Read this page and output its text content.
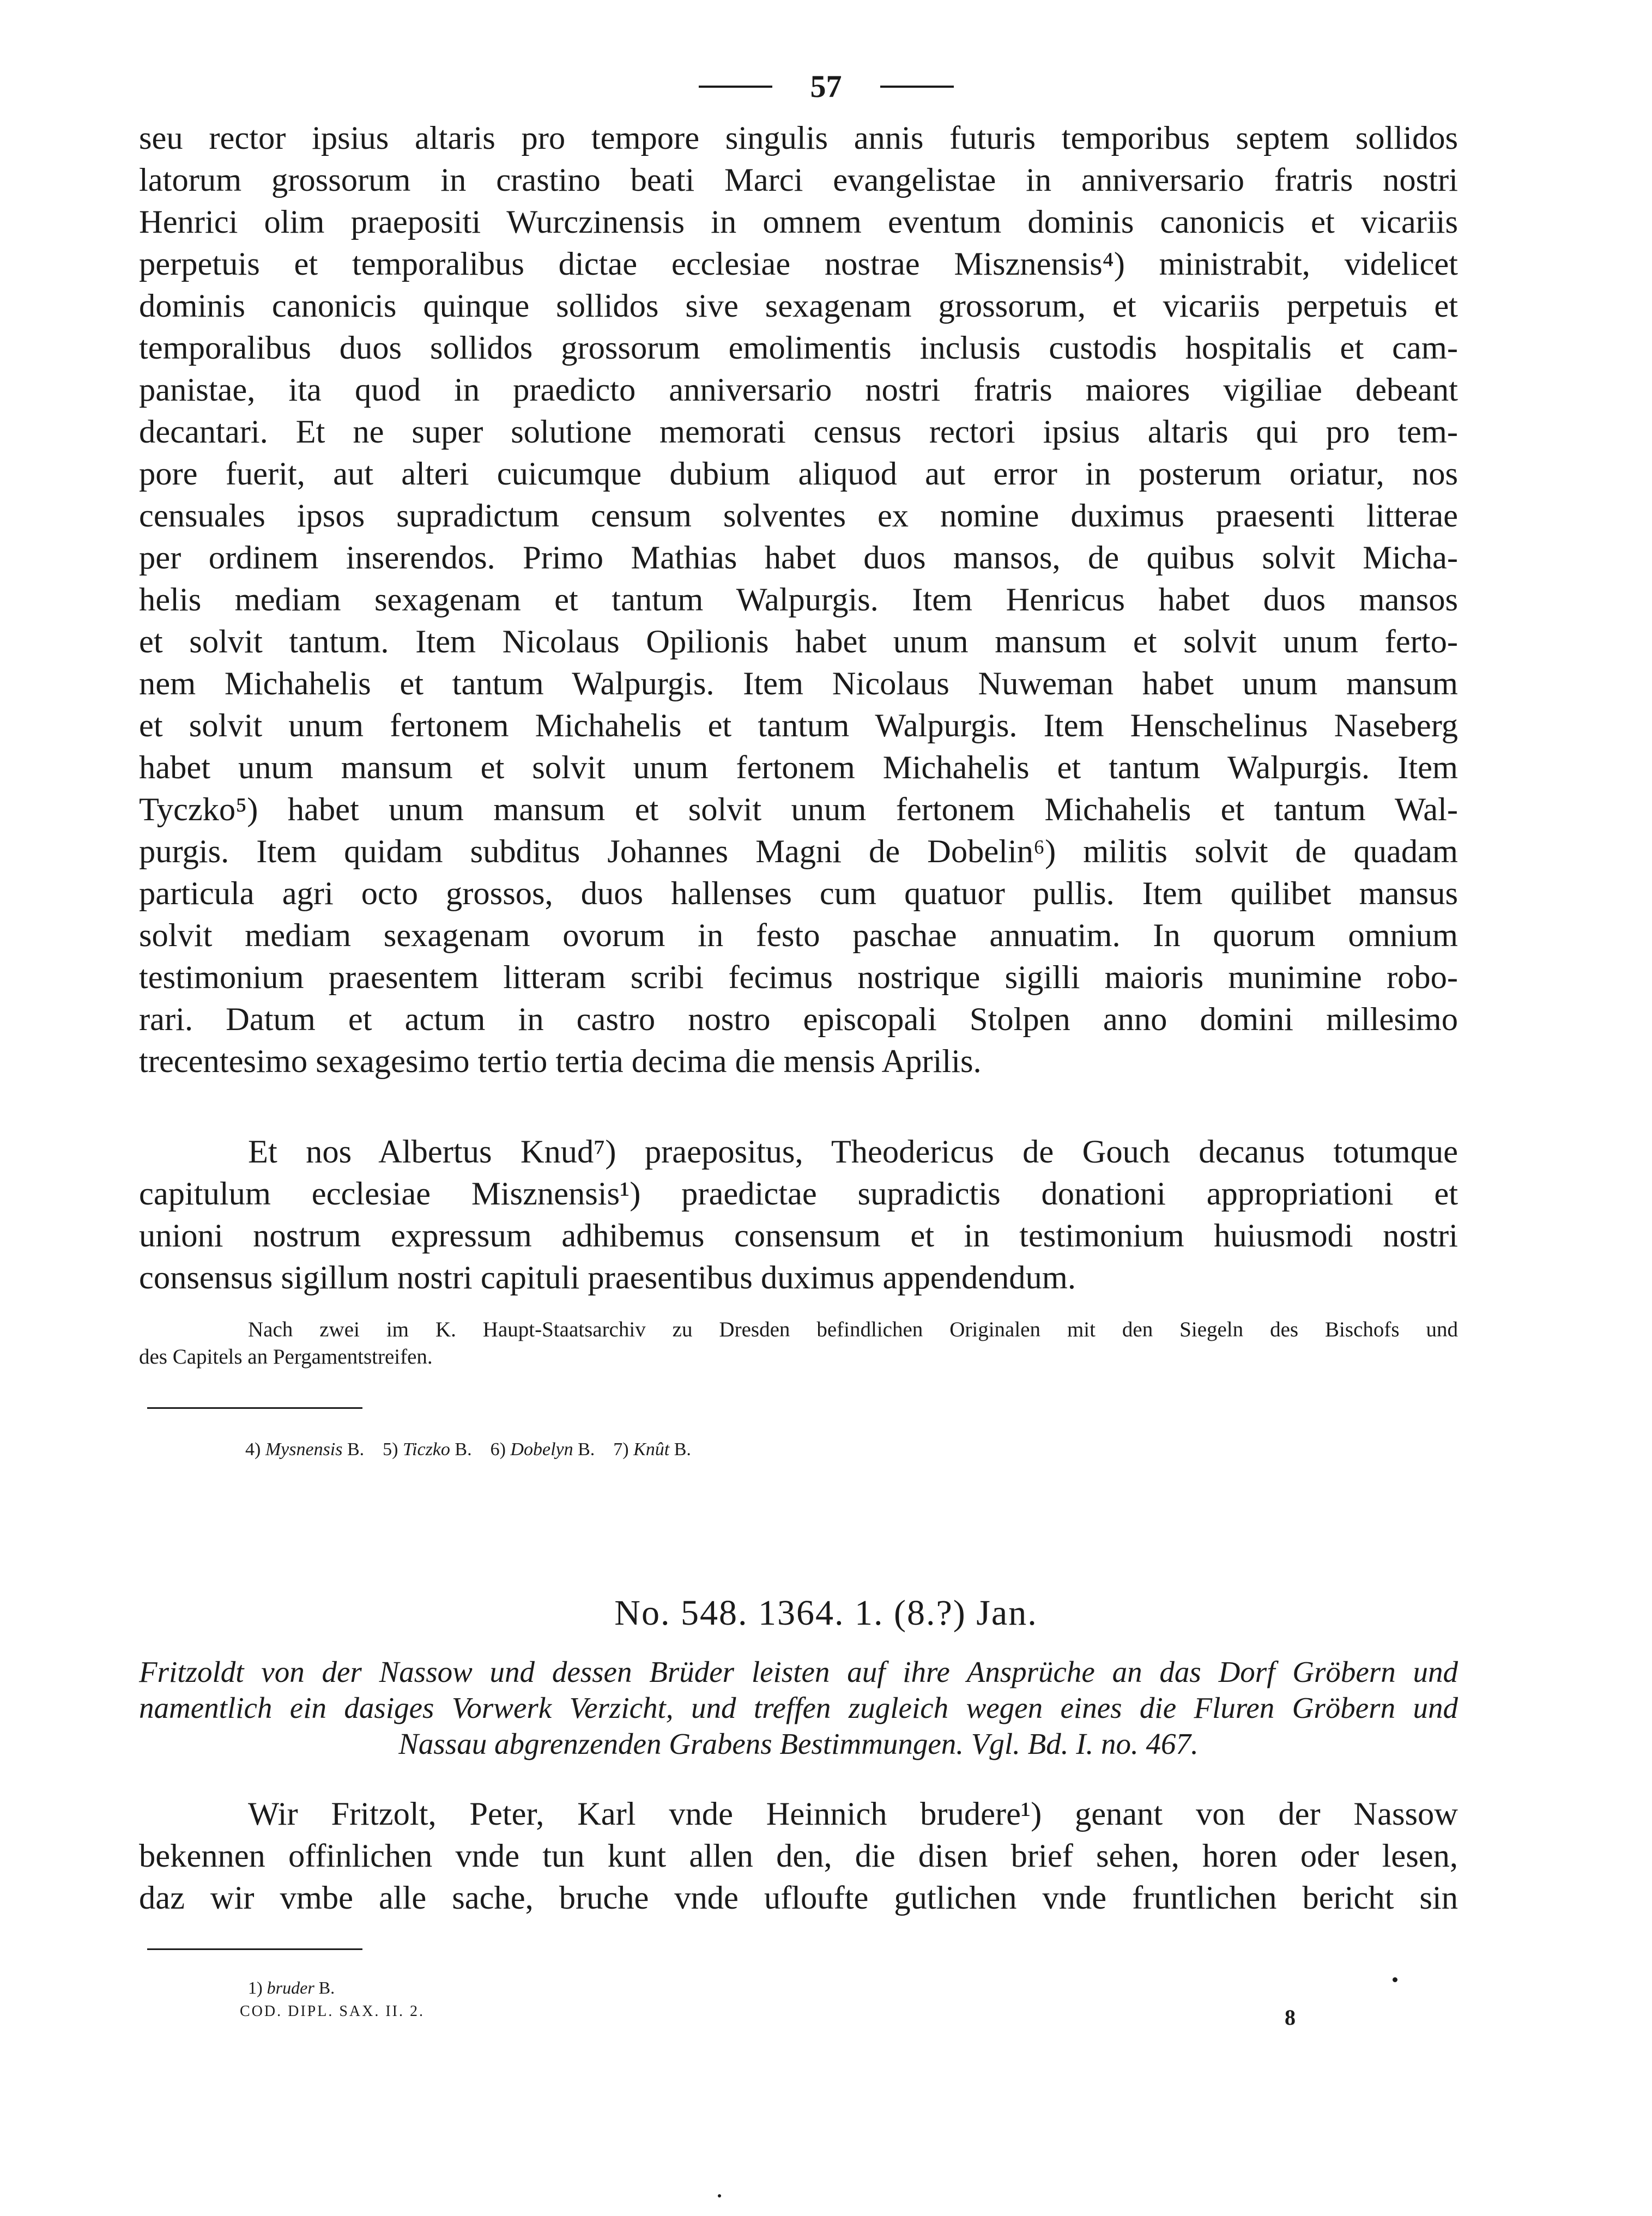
57
seu rector ipsius altaris pro tempore singulis annis futuris temporibus septem sollidos
latorum grossorum in crastino beati Marci evangelistae in anniversario fratris nostri
Henrici olim praepositi Wurczinensis in omnem eventum dominis canonicis et vicariis
perpetuis et temporalibus dictae ecclesiae nostrae Misznensis⁴) ministrabit, videlicet
dominis canonicis quinque sollidos sive sexagenam grossorum, et vicariis perpetuis et
temporalibus duos sollidos grossorum emolimentis inclusis custodis hospitalis et cam-
panistae, ita quod in praedicto anniversario nostri fratris maiores vigiliae debeant
decantari. Et ne super solutione memorati census rectori ipsius altaris qui pro tem-
pore fuerit, aut alteri cuicumque dubium aliquod aut error in posterum oriatur, nos
censuales ipsos supradictum censum solventes ex nomine duximus praesenti litterae
per ordinem inserendos. Primo Mathias habet duos mansos, de quibus solvit Micha-
helis mediam sexagenam et tantum Walpurgis. Item Henricus habet duos mansos
et solvit tantum. Item Nicolaus Opilionis habet unum mansum et solvit unum ferto-
nem Michahelis et tantum Walpurgis. Item Nicolaus Nuweman habet unum mansum
et solvit unum fertonem Michahelis et tantum Walpurgis. Item Henschelinus Naseberg
habet unum mansum et solvit unum fertonem Michahelis et tantum Walpurgis. Item
Tyczko⁵) habet unum mansum et solvit unum fertonem Michahelis et tantum Wal-
purgis. Item quidam subditus Johannes Magni de Dobelin⁶) militis solvit de quadam
particula agri octo grossos, duos hallenses cum quatuor pullis. Item quilibet mansus
solvit mediam sexagenam ovorum in festo paschae annuatim. In quorum omnium
testimonium praesentem litteram scribi fecimus nostrique sigilli maioris munimine robo-
rari. Datum et actum in castro nostro episcopali Stolpen anno domini millesimo
trecentesimo sexagesimo tertio tertia decima die mensis Aprilis.
Et nos Albertus Knud⁷) praepositus, Theodericus de Gouch decanus totumque
capitulum ecclesiae Misznensis¹) praedictae supradictis donationi appropriationi et
unioni nostrum expressum adhibemus consensum et in testimonium huiusmodi nostri
consensus sigillum nostri capituli praesentibus duximus appendendum.
Nach zwei im K. Haupt-Staatsarchiv zu Dresden befindlichen Originalen mit den Siegeln des Bischofs und
des Capitels an Pergamentstreifen.
4) Mysnensis B. 5) Ticzko B. 6) Dobelyn B. 7) Knût B.
No. 548. 1364. 1. (8.?) Jan.
Fritzoldt von der Nassow und dessen Brüder leisten auf ihre Ansprüche an das Dorf Gröbern und
namentlich ein dasiges Vorwerk Verzicht, und treffen zugleich wegen eines die Fluren Gröbern und
Nassau abgrenzenden Grabens Bestimmungen. Vgl. Bd. I. no. 467.
Wir Fritzolt, Peter, Karl vnde Heinnich brudere¹) genant von der Nassow
bekennen offinlichen vnde tun kunt allen den, die disen brief sehen, horen oder lesen,
daz wir vmbe alle sache, bruche vnde ufloufte gutlichen vnde fruntlichen bericht sin
1) bruder B.
COD. DIPL. SAX. II. 2.	8
